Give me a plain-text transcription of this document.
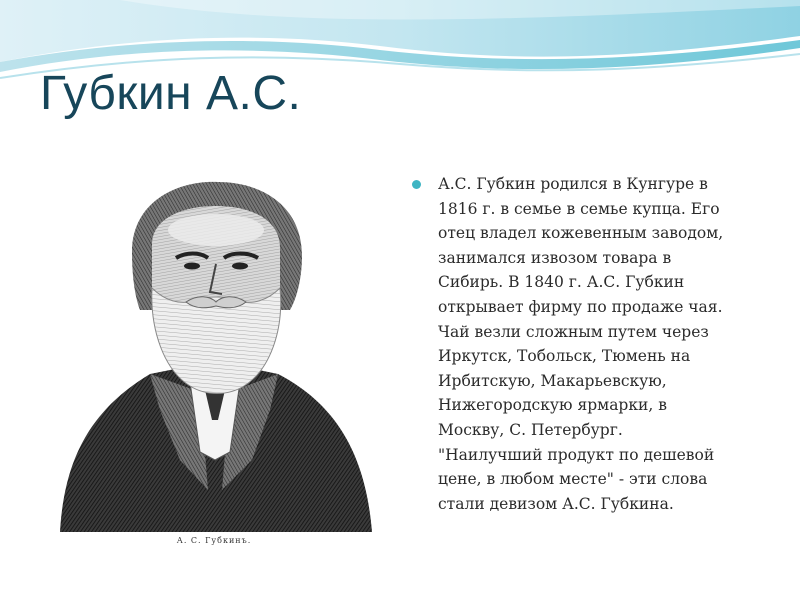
Губкин А.С.
А. С. Губкинъ.
А.С. Губкин родился в Кунгуре в
1816 г. в семье в семье купца. Его
отец владел кожевенным заводом,
занимался извозом товара в
Сибирь. В 1840 г. А.С. Губкин
открывает фирму по продаже чая.
Чай везли сложным путем через
Иркутск, Тобольск, Тюмень на
Ирбитскую, Макарьевскую,
Нижегородскую ярмарки, в
Москву, С. Петербург.
"Наилучший продукт по дешевой
цене, в любом месте" - эти слова
стали девизом А.С. Губкина.
